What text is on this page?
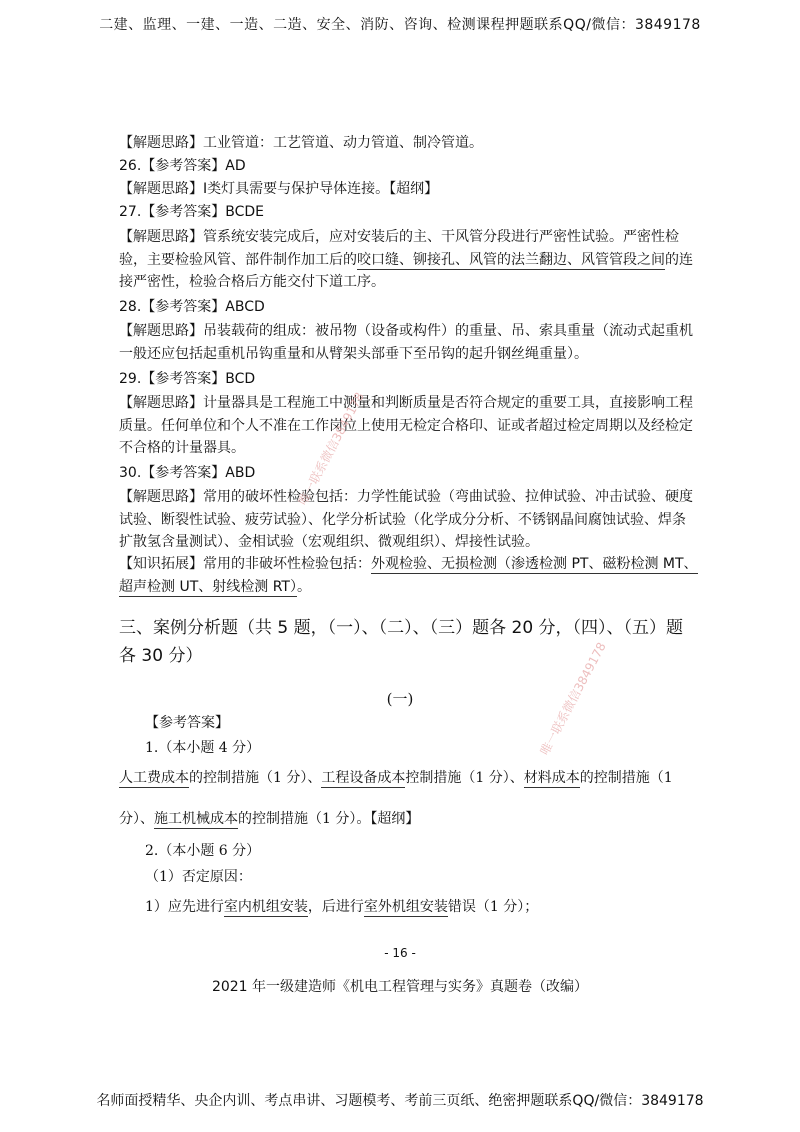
二建、监理、一建、一造、二造、安全、消防、咨询、检测课程押题联系QQ/微信：3849178
【解题思路】工业管道：工艺管道、动力管道、制冷管道。
26.【参考答案】AD
【解题思路】Ⅰ类灯具需要与保护导体连接。【超纲】
27.【参考答案】BCDE
【解题思路】管系统安装完成后，应对安装后的主、干风管分段进行严密性试验。严密性检验，主要检验风管、部件制作加工后的咬口缝、铆接孔、风管的法兰翻边、风管管段之间的连接严密性，检验合格后方能交付下道工序。
28.【参考答案】ABCD
【解题思路】吊装载荷的组成：被吊物（设备或构件）的重量、吊、索具重量（流动式起重机一般还应包括起重机吊钩重量和从臂架头部垂下至吊钩的起升钢丝绳重量）。
29.【参考答案】BCD
【解题思路】计量器具是工程施工中测量和判断质量是否符合规定的重要工具，直接影响工程质量。任何单位和个人不准在工作岗位上使用无检定合格印、证或者超过检定周期以及经检定不合格的计量器具。
30.【参考答案】ABD
【解题思路】常用的破坏性检验包括：力学性能试验（弯曲试验、拉伸试验、冲击试验、硬度试验、断裂性试验、疲劳试验）、化学分析试验（化学成分分析、不锈钢晶间腐蚀试验、焊条扩散氢含量测试）、金相试验（宏观组织、微观组织）、焊接性试验。
【知识拓展】常用的非破坏性检验包括：外观检验、无损检测（渗透检测 PT、磁粉检测 MT、超声检测 UT、射线检测 RT）。
三、案例分析题（共 5 题，（一）、（二）、（三）题各 20 分，（四）、（五）题各 30 分）
(一)
【参考答案】
1.（本小题 4 分）
人工费成本的控制措施（1 分）、工程设备成本控制措施（1 分）、材料成本的控制措施（1
分）、施工机械成本的控制措施（1 分）。【超纲】
2.（本小题 6 分）
（1）否定原因：
1）应先进行室内机组安装，后进行室外机组安装错误（1 分）；
- 16 -
2021 年一级建造师《机电工程管理与实务》真题卷（改编）
名师面授精华、央企内训、考点串讲、习题模考、考前三页纸、绝密押题联系QQ/微信：3849178
唯一联系微信3849178
唯一联系微信3849178
